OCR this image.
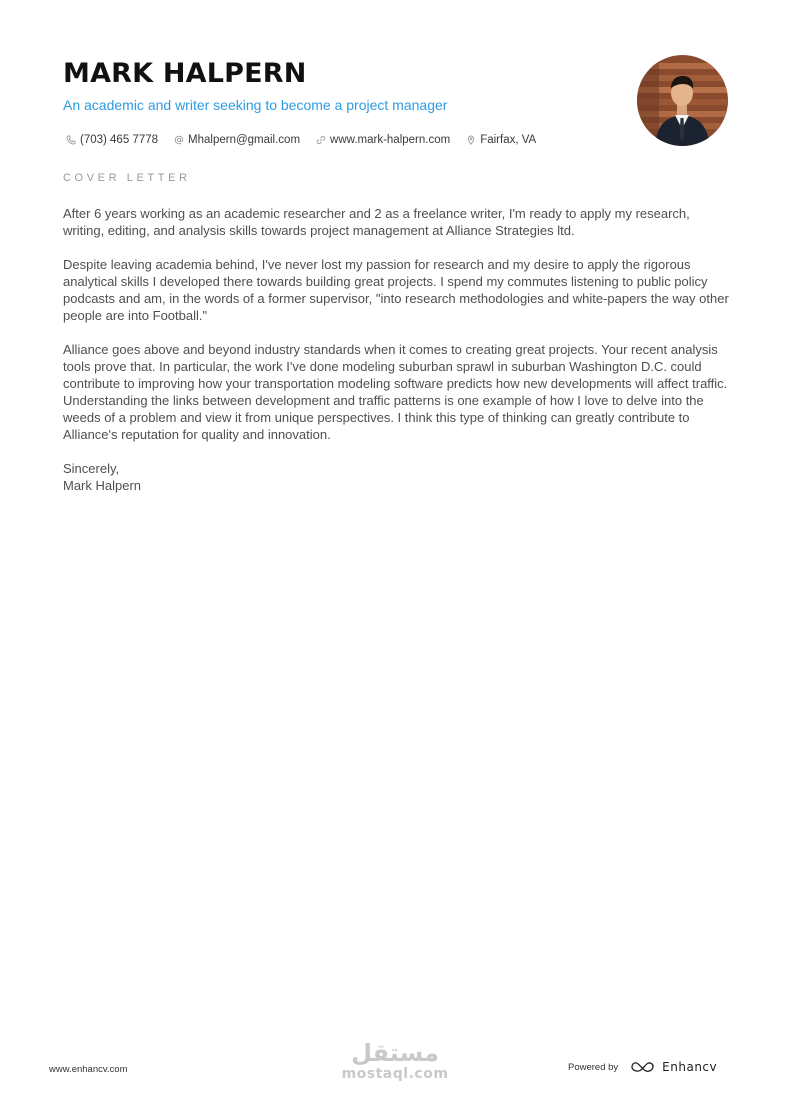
MARK HALPERN
An academic and writer seeking to become a project manager
(703) 465 7778	Mhalpern@gmail.com	www.mark-halpern.com	Fairfax, VA
COVER LETTER

After 6 years working as an academic researcher and 2 as a freelance writer, I'm ready to apply my research, writing, editing, and analysis skills towards project management at Alliance Strategies ltd.

Despite leaving academia behind, I've never lost my passion for research and my desire to apply the rigorous analytical skills I developed there towards building great projects. I spend my commutes listening to public policy podcasts and am, in the words of a former supervisor, "into research methodologies and white-papers the way other people are into Football."

Alliance goes above and beyond industry standards when it comes to creating great projects. Your recent analysis tools prove that. In particular, the work I've done modeling suburban sprawl in suburban Washington D.C. could contribute to improving how your transportation modeling software predicts how new developments will affect traffic. Understanding the links between development and traffic patterns is one example of how I love to delve into the weeds of a problem and view it from unique perspectives. I think this type of thinking can greatly contribute to Alliance's reputation for quality and innovation.

Sincerely,
Mark Halpern
www.enhancv.com
مستقل
mostaql.com	Powered by	Enhancv
